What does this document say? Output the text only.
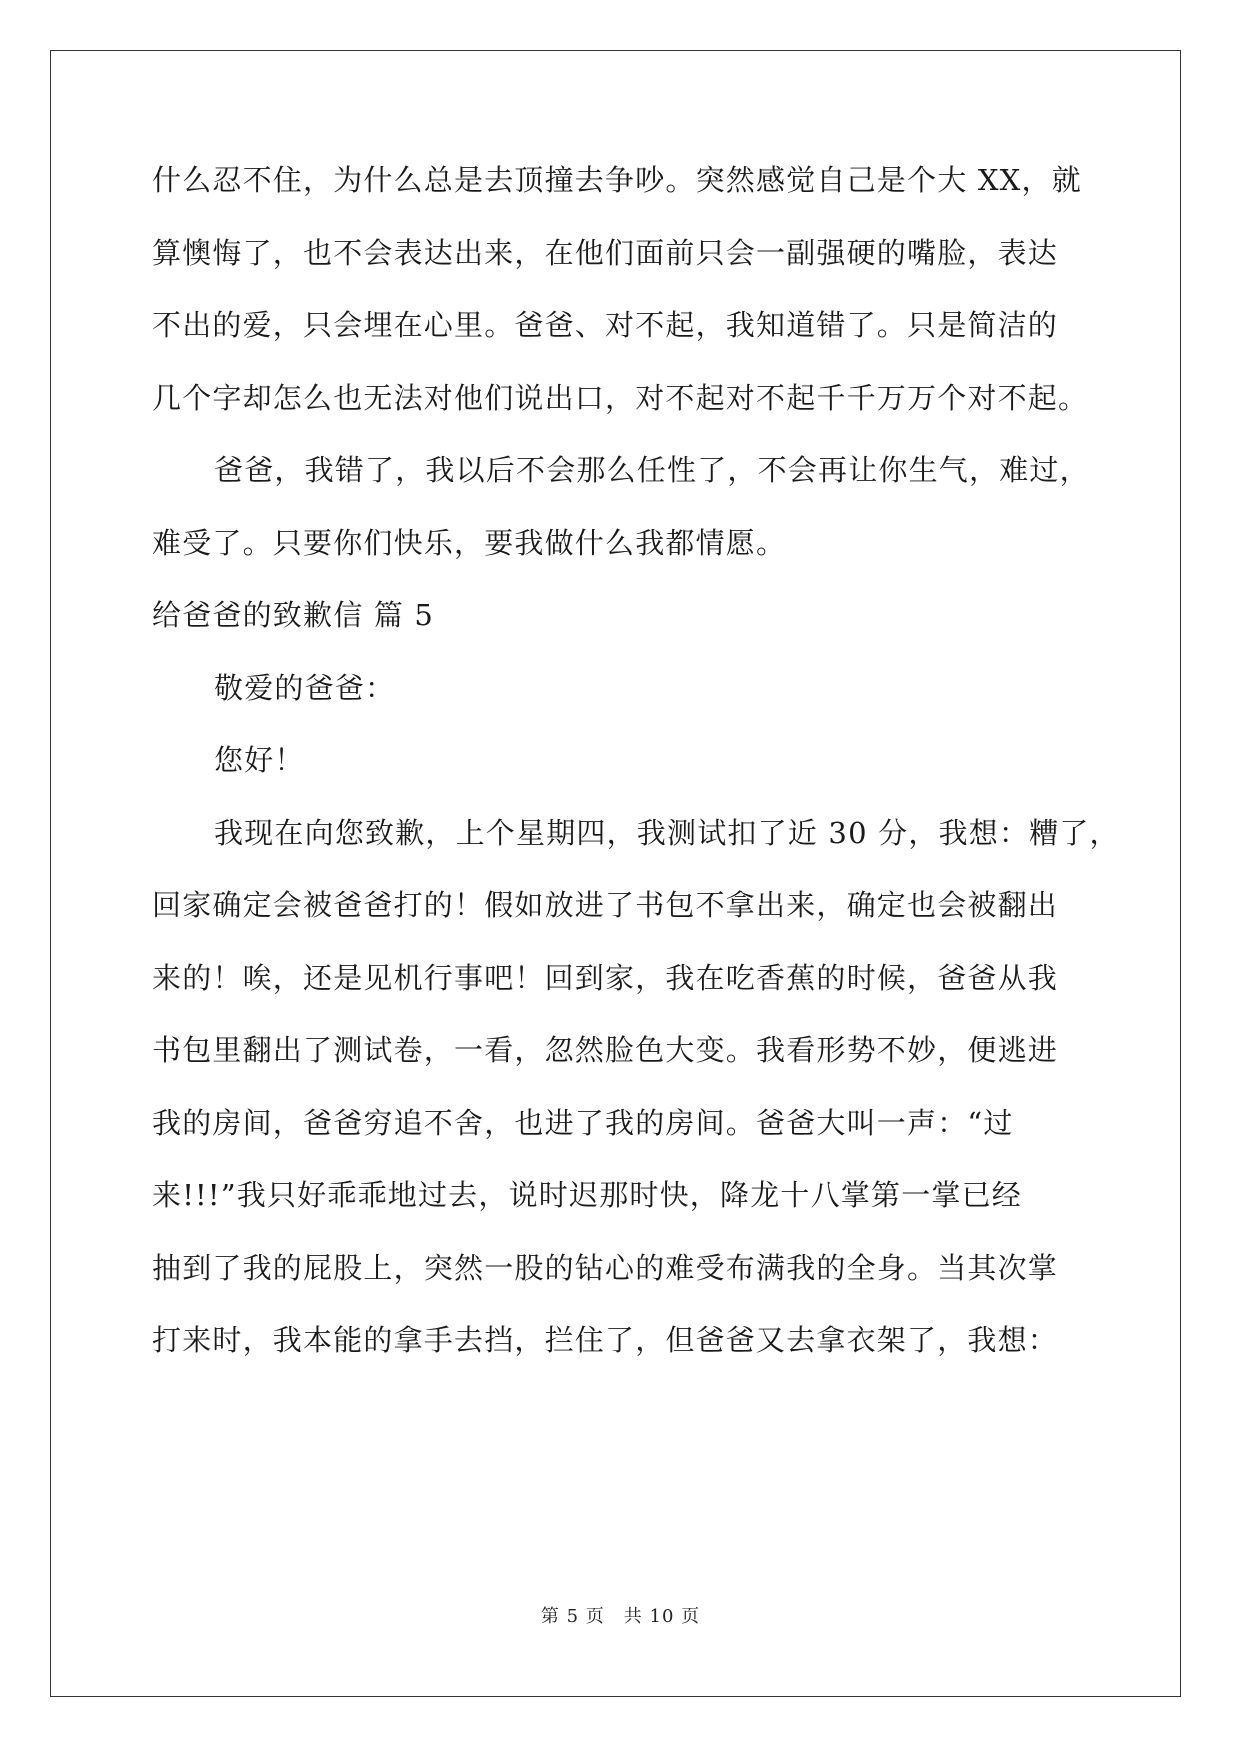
什么忍不住，为什么总是去顶撞去争吵。突然感觉自己是个大 XX，就
算懊悔了，也不会表达出来，在他们面前只会一副强硬的嘴脸，表达
不出的爱，只会埋在心里。爸爸、对不起，我知道错了。只是简洁的
几个字却怎么也无法对他们说出口，对不起对不起千千万万个对不起。
爸爸，我错了，我以后不会那么任性了，不会再让你生气，难过，
难受了。只要你们快乐，要我做什么我都情愿。
给爸爸的致歉信 篇 5
敬爱的爸爸：
您好！
我现在向您致歉，上个星期四，我测试扣了近 30 分，我想：糟了，
回家确定会被爸爸打的！假如放进了书包不拿出来，确定也会被翻出
来的！唉，还是见机行事吧！回到家，我在吃香蕉的时候，爸爸从我
书包里翻出了测试卷，一看，忽然脸色大变。我看形势不妙，便逃进
我的房间，爸爸穷追不舍，也进了我的房间。爸爸大叫一声：“过
来!!!”我只好乖乖地过去，说时迟那时快，降龙十八掌第一掌已经
抽到了我的屁股上，突然一股的钻心的难受布满我的全身。当其次掌
打来时，我本能的拿手去挡，拦住了，但爸爸又去拿衣架了，我想：
第 5 页　共 10 页
